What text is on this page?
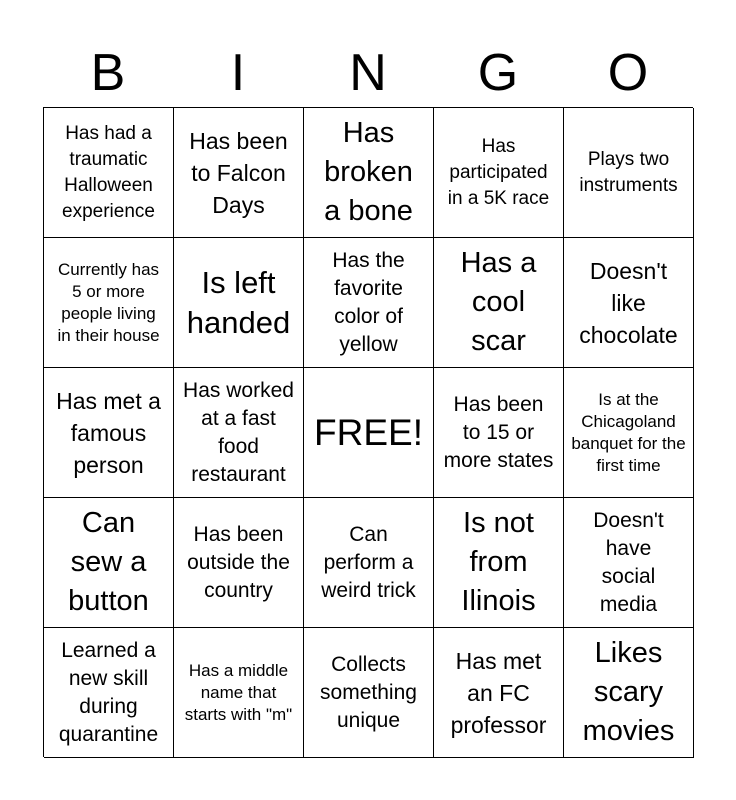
B	I	N	G	O
Has had a traumatic Halloween experience
Has been to Falcon Days
Has broken a bone
Has participated in a 5K race
Plays two instruments
Currently has 5 or more people living in their house
Is left handed
Has the favorite color of yellow
Has a cool scar
Doesn't like chocolate
Has met a famous person
Has worked at a fast food restaurant
FREE!
Has been to 15 or more states
Is at the Chicagoland banquet for the first time
Can sew a button
Has been outside the country
Can perform a weird trick
Is not from Ilinois
Doesn't have social media
Learned a new skill during quarantine
Has a middle name that starts with "m"
Collects something unique
Has met an FC professor
Likes scary movies
